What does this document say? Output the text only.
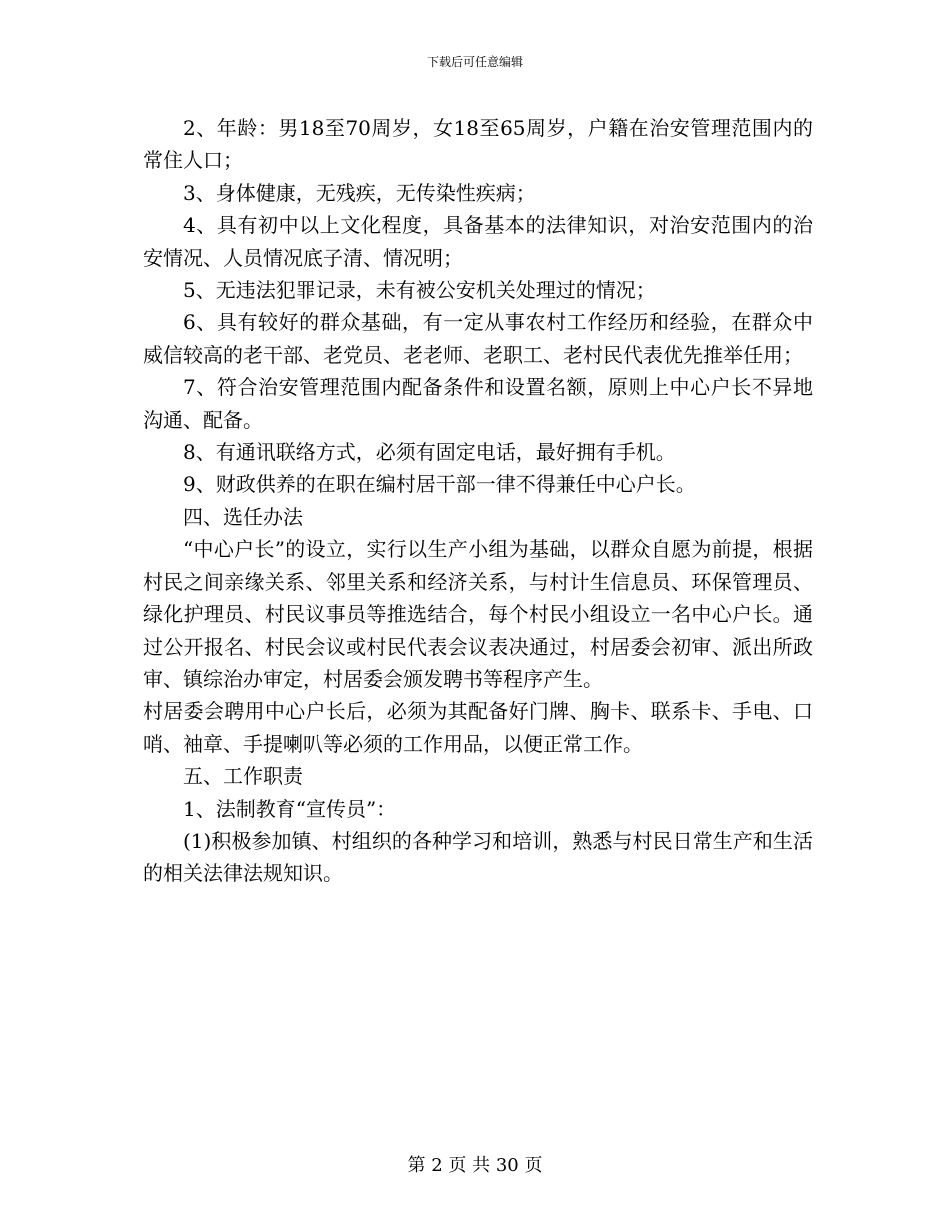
下载后可任意编辑

2、年龄：男18至70周岁，女18至65周岁，户籍在治安管理范围内的常住人口；

3、身体健康，无残疾，无传染性疾病；

4、具有初中以上文化程度，具备基本的法律知识，对治安范围内的治安情况、人员情况底子清、情况明；

5、无违法犯罪记录，未有被公安机关处理过的情况；

6、具有较好的群众基础，有一定从事农村工作经历和经验，在群众中威信较高的老干部、老党员、老老师、老职工、老村民代表优先推举任用；

7、符合治安管理范围内配备条件和设置名额，原则上中心户长不异地沟通、配备。

8、有通讯联络方式，必须有固定电话，最好拥有手机。

9、财政供养的在职在编村居干部一律不得兼任中心户长。

四、选任办法

“中心户长”的设立，实行以生产小组为基础，以群众自愿为前提，根据村民之间亲缘关系、邻里关系和经济关系，与村计生信息员、环保管理员、绿化护理员、村民议事员等推选结合，每个村民小组设立一名中心户长。通过公开报名、村民会议或村民代表会议表决通过，村居委会初审、派出所政审、镇综治办审定，村居委会颁发聘书等程序产生。

村居委会聘用中心户长后，必须为其配备好门牌、胸卡、联系卡、手电、口哨、袖章、手提喇叭等必须的工作用品，以便正常工作。

五、工作职责

1、法制教育“宣传员”：

(1)积极参加镇、村组织的各种学习和培训，熟悉与村民日常生产和生活的相关法律法规知识。

第 2 页 共 30 页
